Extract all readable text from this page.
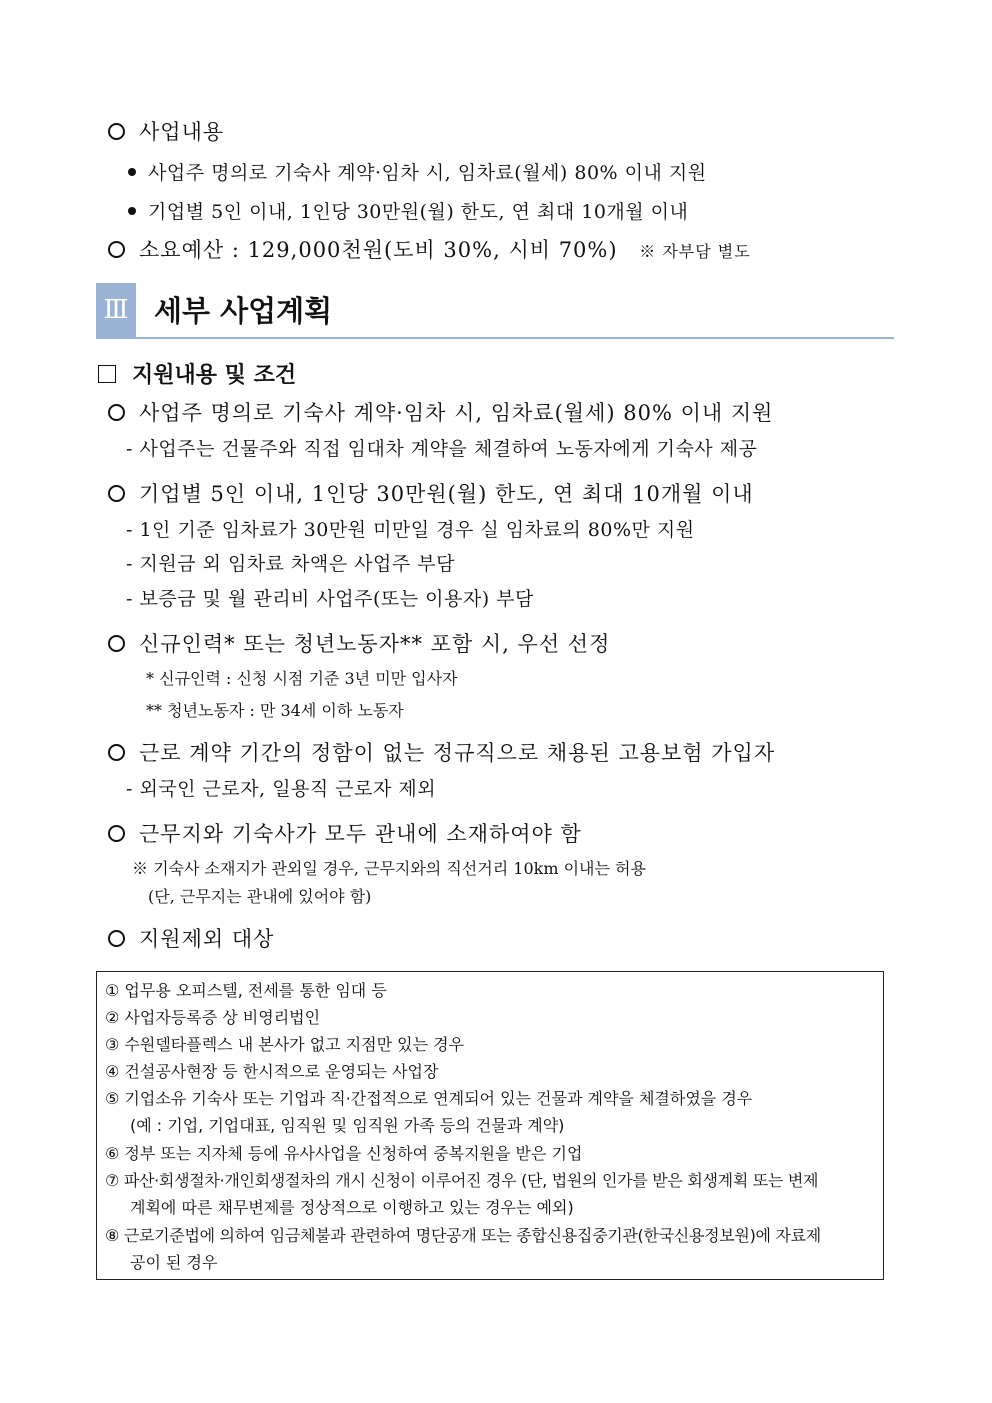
사업내용
사업주 명의로 기숙사 계약·임차 시, 임차료(월세) 80% 이내 지원
기업별 5인 이내, 1인당 30만원(월) 한도, 연 최대 10개월 이내
소요예산 : 129,000천원(도비 30%, 시비 70%) ※ 자부담 별도
Ⅲ 세부 사업계획
지원내용 및 조건
사업주 명의로 기숙사 계약·임차 시, 임차료(월세) 80% 이내 지원
- 사업주는 건물주와 직접 임대차 계약을 체결하여 노동자에게 기숙사 제공
기업별 5인 이내, 1인당 30만원(월) 한도, 연 최대 10개월 이내
- 1인 기준 임차료가 30만원 미만일 경우 실 임차료의 80%만 지원
- 지원금 외 임차료 차액은 사업주 부담
- 보증금 및 월 관리비 사업주(또는 이용자) 부담
신규인력* 또는 청년노동자** 포함 시, 우선 선정
* 신규인력 : 신청 시점 기준 3년 미만 입사자
** 청년노동자 : 만 34세 이하 노동자
근로 계약 기간의 정함이 없는 정규직으로 채용된 고용보험 가입자
- 외국인 근로자, 일용직 근로자 제외
근무지와 기숙사가 모두 관내에 소재하여야 함
※ 기숙사 소재지가 관외일 경우, 근무지와의 직선거리 10km 이내는 허용
(단, 근무지는 관내에 있어야 함)
지원제외 대상
① 업무용 오피스텔, 전세를 통한 임대 등
② 사업자등록증 상 비영리법인
③ 수원델타플렉스 내 본사가 없고 지점만 있는 경우
④ 건설공사현장 등 한시적으로 운영되는 사업장
⑤ 기업소유 기숙사 또는 기업과 직·간접적으로 연계되어 있는 건물과 계약을 체결하였을 경우
(예 : 기업, 기업대표, 임직원 및 임직원 가족 등의 건물과 계약)
⑥ 정부 또는 지자체 등에 유사사업을 신청하여 중복지원을 받은 기업
⑦ 파산·회생절차·개인회생절차의 개시 신청이 이루어진 경우 (단, 법원의 인가를 받은 회생계획 또는 변제
계획에 따른 채무변제를 정상적으로 이행하고 있는 경우는 예외)
⑧ 근로기준법에 의하여 임금체불과 관련하여 명단공개 또는 종합신용집중기관(한국신용정보원)에 자료제
공이 된 경우
